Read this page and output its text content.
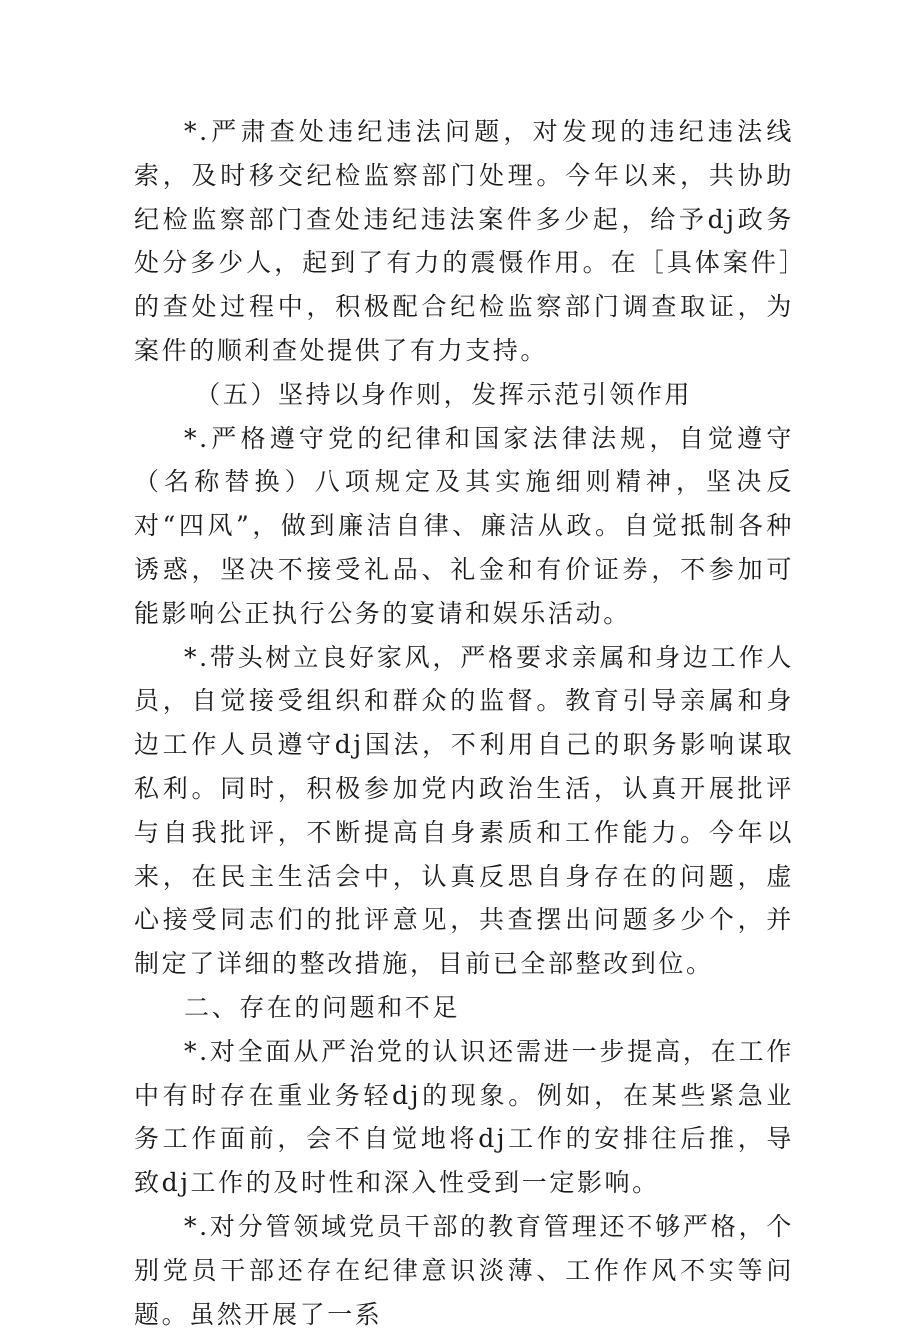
*.严肃查处违纪违法问题，对发现的违纪违法线索，及时移交纪检监察部门处理。今年以来，共协助纪检监察部门查处违纪违法案件多少起，给予dj政务处分多少人，起到了有力的震慑作用。在［具体案件］的查处过程中，积极配合纪检监察部门调查取证，为案件的顺利查处提供了有力支持。

（五）坚持以身作则，发挥示范引领作用

*.严格遵守党的纪律和国家法律法规，自觉遵守（名称替换）八项规定及其实施细则精神，坚决反对“四风”，做到廉洁自律、廉洁从政。自觉抵制各种诱惑，坚决不接受礼品、礼金和有价证券，不参加可能影响公正执行公务的宴请和娱乐活动。

*.带头树立良好家风，严格要求亲属和身边工作人员，自觉接受组织和群众的监督。教育引导亲属和身边工作人员遵守dj国法，不利用自己的职务影响谋取私利。同时，积极参加党内政治生活，认真开展批评与自我批评，不断提高自身素质和工作能力。今年以来，在民主生活会中，认真反思自身存在的问题，虚心接受同志们的批评意见，共查摆出问题多少个，并制定了详细的整改措施，目前已全部整改到位。

二、存在的问题和不足

*.对全面从严治党的认识还需进一步提高，在工作中有时存在重业务轻dj的现象。例如，在某些紧急业务工作面前，会不自觉地将dj工作的安排往后推，导致dj工作的及时性和深入性受到一定影响。

*.对分管领域党员干部的教育管理还不够严格，个别党员干部还存在纪律意识淡薄、工作作风不实等问题。虽然开展了一系
